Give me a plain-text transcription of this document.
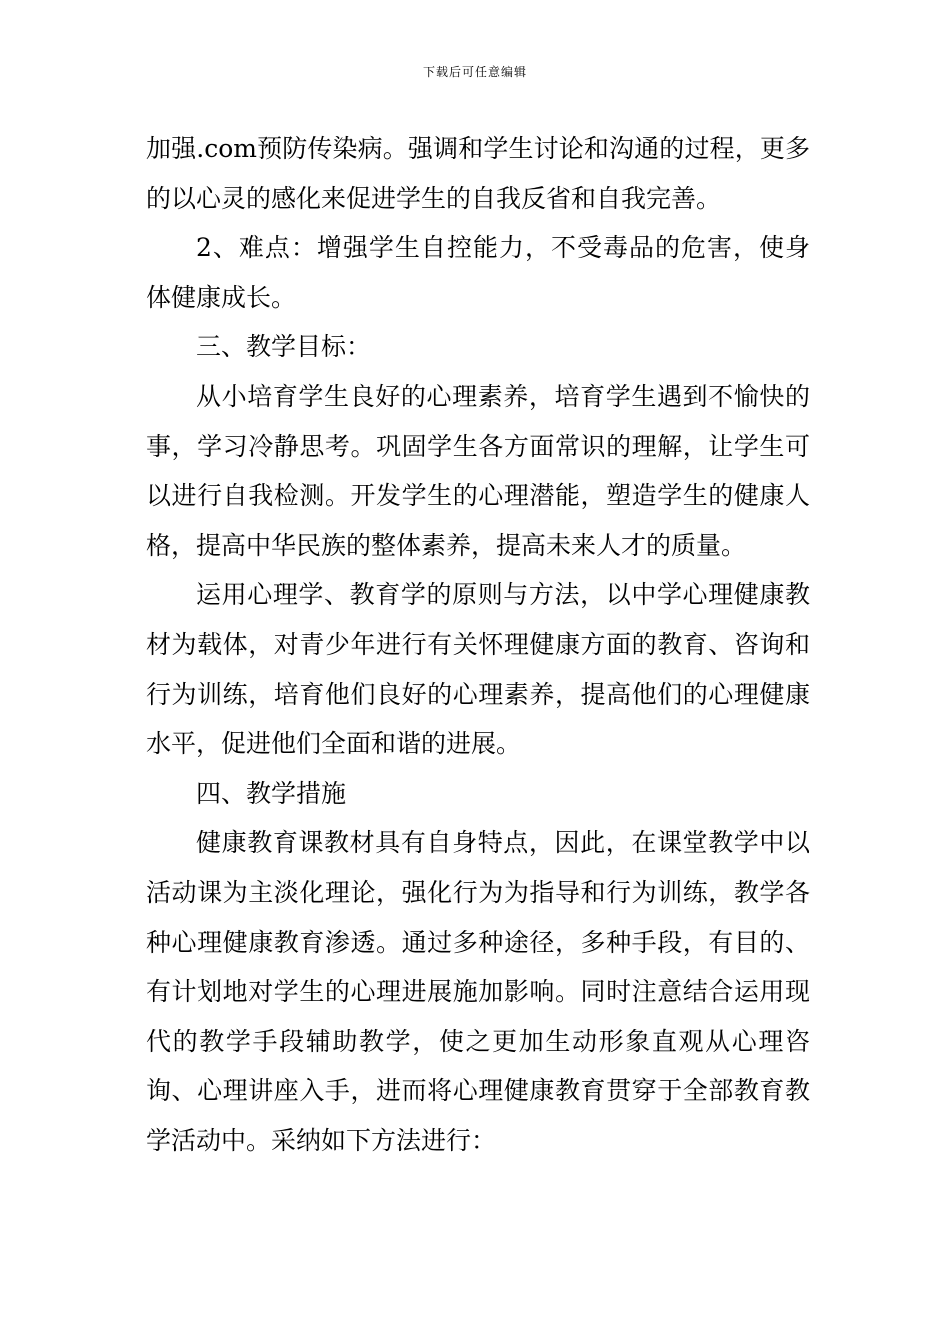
下载后可任意编辑

加强.com预防传染病。强调和学生讨论和沟通的过程，更多的以心灵的感化来促进学生的自我反省和自我完善。

2、难点：增强学生自控能力，不受毒品的危害，使身体健康成长。

三、教学目标：

从小培育学生良好的心理素养，培育学生遇到不愉快的事，学习冷静思考。巩固学生各方面常识的理解，让学生可以进行自我检测。开发学生的心理潜能，塑造学生的健康人格，提高中华民族的整体素养，提高未来人才的质量。

运用心理学、教育学的原则与方法，以中学心理健康教材为载体，对青少年进行有关怀理健康方面的教育、咨询和行为训练，培育他们良好的心理素养，提高他们的心理健康水平，促进他们全面和谐的进展。

四、教学措施

健康教育课教材具有自身特点，因此，在课堂教学中以活动课为主淡化理论，强化行为为指导和行为训练，教学各种心理健康教育渗透。通过多种途径，多种手段，有目的、有计划地对学生的心理进展施加影响。同时注意结合运用现代的教学手段辅助教学，使之更加生动形象直观从心理咨询、心理讲座入手，进而将心理健康教育贯穿于全部教育教学活动中。采纳如下方法进行：
